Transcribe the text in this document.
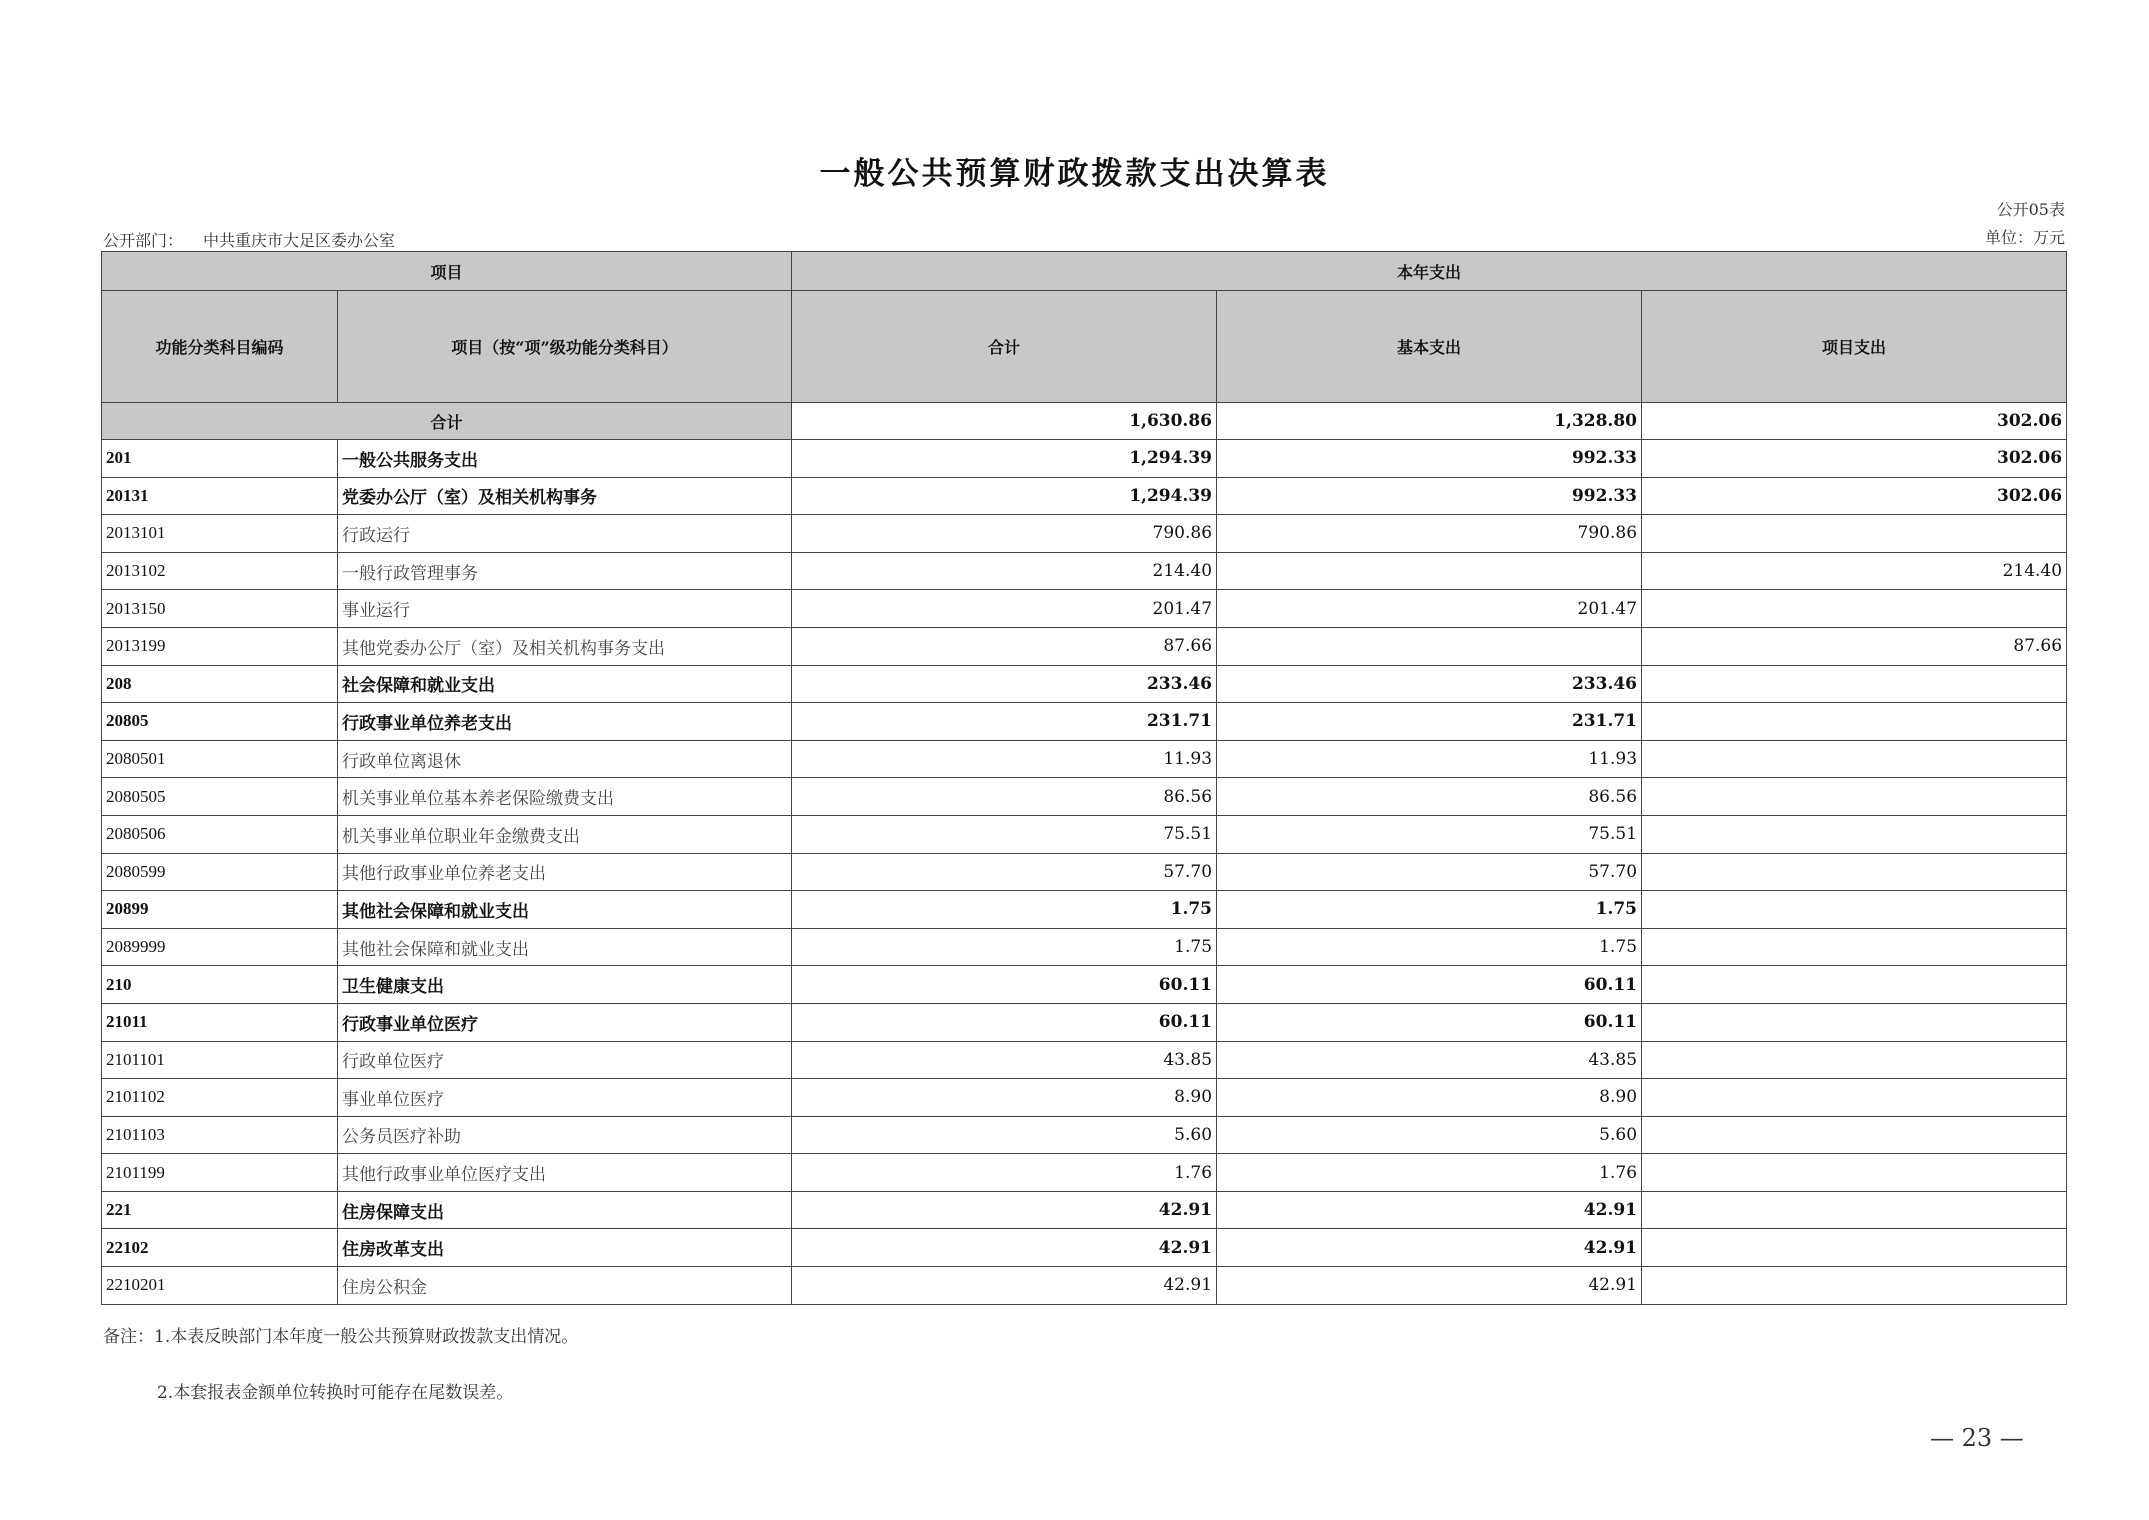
一般公共预算财政拨款支出决算表
公开05表
公开部门： 中共重庆市大足区委办公室	单位：万元
项目		本年支出		
功能分类科目编码	项目（按“项”级功能分类科目）	合计	基本支出	项目支出
合计		1,630.86	1,328.80	302.06
201	一般公共服务支出	1,294.39	992.33	302.06
20131	党委办公厅（室）及相关机构事务	1,294.39	992.33	302.06
2013101	行政运行	790.86	790.86	
2013102	一般行政管理事务	214.40		214.40
2013150	事业运行	201.47	201.47	
2013199	其他党委办公厅（室）及相关机构事务支出	87.66		87.66
208	社会保障和就业支出	233.46	233.46	
20805	行政事业单位养老支出	231.71	231.71	
2080501	行政单位离退休	11.93	11.93	
2080505	机关事业单位基本养老保险缴费支出	86.56	86.56	
2080506	机关事业单位职业年金缴费支出	75.51	75.51	
2080599	其他行政事业单位养老支出	57.70	57.70	
20899	其他社会保障和就业支出	1.75	1.75	
2089999	其他社会保障和就业支出	1.75	1.75	
210	卫生健康支出	60.11	60.11	
21011	行政事业单位医疗	60.11	60.11	
2101101	行政单位医疗	43.85	43.85	
2101102	事业单位医疗	8.90	8.90	
2101103	公务员医疗补助	5.60	5.60	
2101199	其他行政事业单位医疗支出	1.76	1.76	
221	住房保障支出	42.91	42.91	
22102	住房改革支出	42.91	42.91	
2210201	住房公积金	42.91	42.91	
备注：1.本表反映部门本年度一般公共预算财政拨款支出情况。
2.本套报表金额单位转换时可能存在尾数误差。
— 23 —
